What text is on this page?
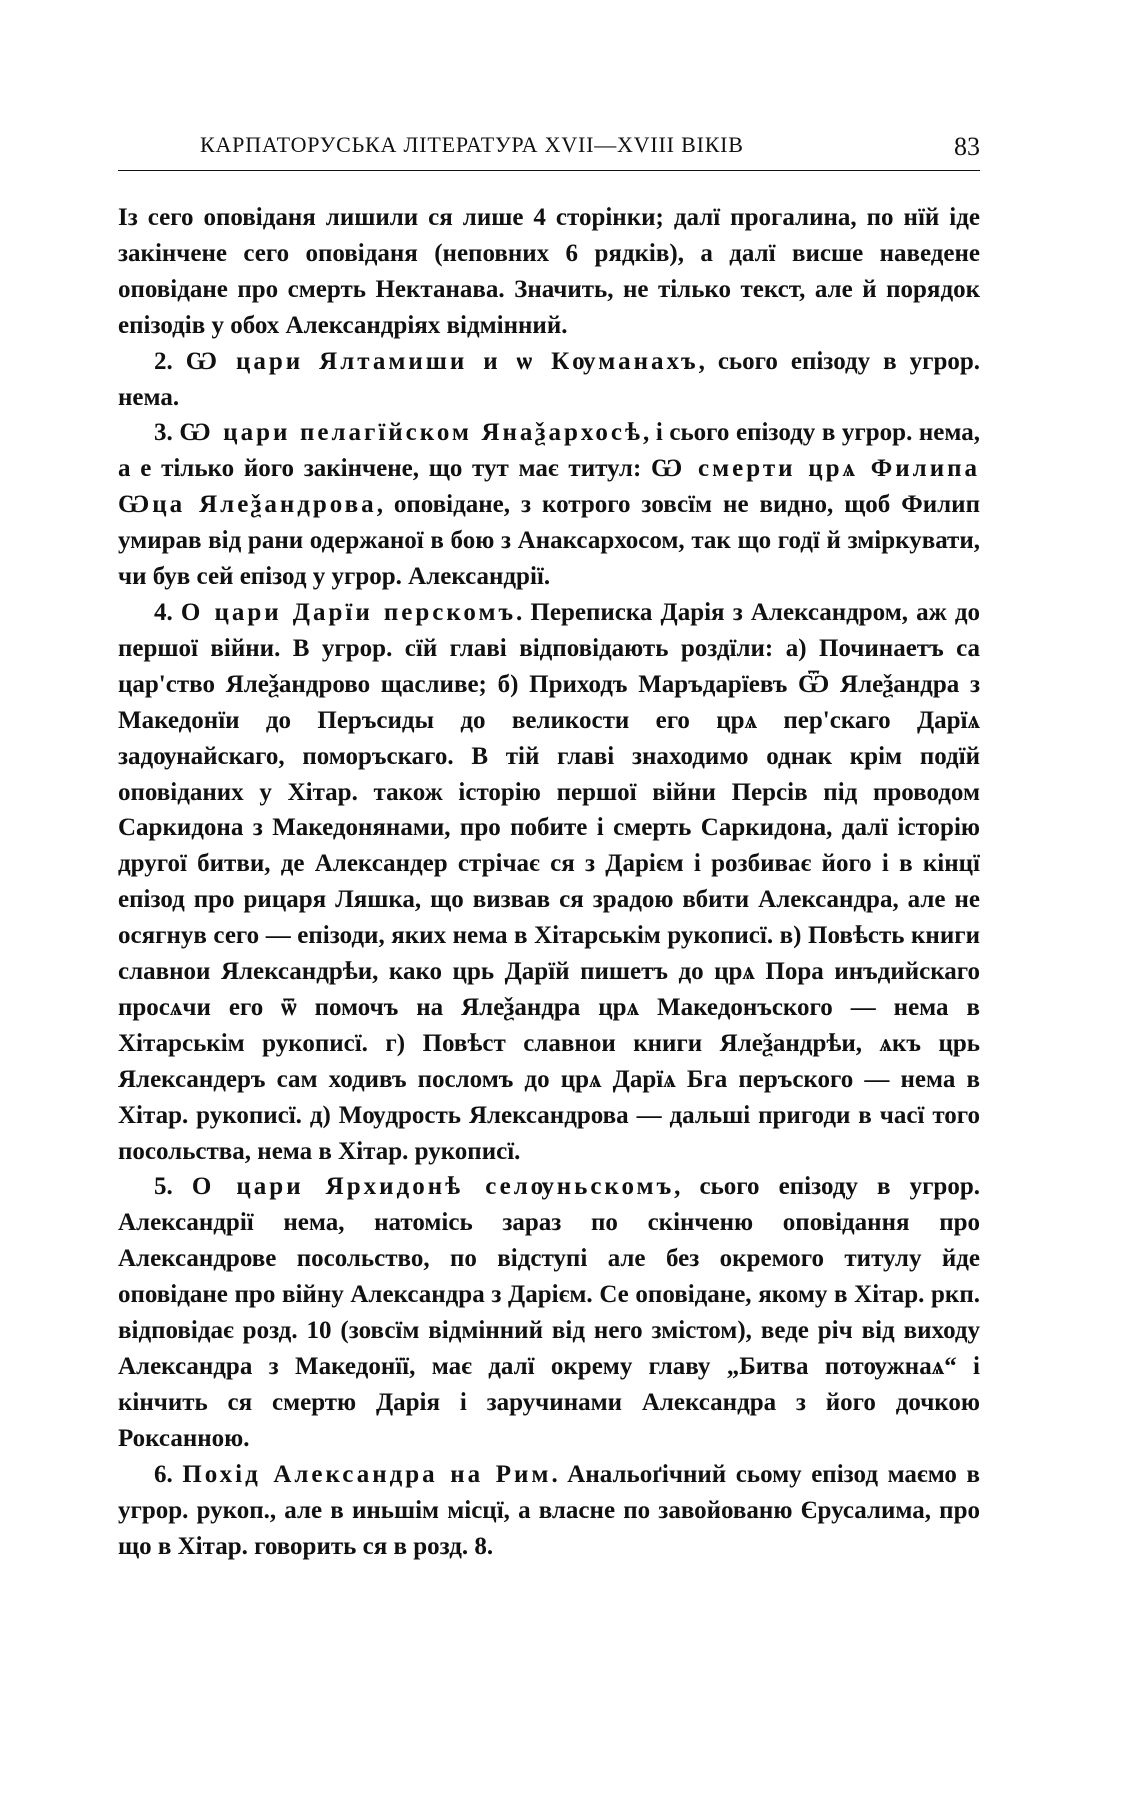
КАРПАТОРУСЬКА ЛІТЕРАТУРА XVII—XVIII ВІКІВ	83

Із сего оповіданя лишили ся лише 4 сторінки; далї прогалина, по нїй іде закінчене сего оповіданя (неповних 6 рядків), а далї висше наведене оповідане про смерть Нектанава. Значить, не тілько текст, але й порядок епізодів у обох Александріях відмінний.

2. Ѡ цари Ялтамиши и ѡ Кѹманахъ, сього епізоду в угрор. нема.

3. Ѡ цари пелагїйском Янаѯархосѣ, і сього епізоду в угрор. нема, а е тілько його закінчене, що тут має титул: Ѡ смерти црѧ Филипа Ѡца Ялеѯандрова, оповідане, з котрого зовсїм не видно, щоб Филип умирав від рани одержаної в бою з Анаксархосом, так що годї й зміркувати, чи був сей епізод у угрор. Александрії.

4. О цари Дарїи перскомъ. Переписка Дарія з Александром, аж до першої війни. В угрор. сїй главі відповідають роздїли: а) Починаетъ са цар'ство Ялеѯандрово щасливе; б) Приходъ Маръдарїевъ Ѿ Ялеѯандра з Македонїи до Перъсиды до великости его црѧ пер'скаго Дарїѧ задѹнайскаго, поморъскаго. В тій главі знаходимо однак крім подїй оповіданих у Хітар. також історію першої війни Персів під проводом Саркидона з Македонянами, про побите і смерть Саркидона, далї історію другої битви, де Александер стрічає ся з Дарієм і розбиває його і в кінцї епізод про рицаря Ляшка, що визвав ся зрадою вбити Александра, але не осягнув сего — епізоди, яких нема в Хітарськім рукописї. в) Повѣсть книги славнои Ялександрѣи, како црь Дарїй пишетъ до црѧ Пора инъдийскаго просѧчи его ѿ помочъ на Ялеѯандра црѧ Македонъского — нема в Хітарськім рукописї. г) Повѣст славнои книги Ялеѯандрѣи, ѧкъ црь Ялександеръ сам ходивъ посломъ до црѧ Дарїѧ Бга перъского — нема в Хітар. рукописї. д) Мѹдрость Ялександрова — дальші пригоди в часї того посольства, нема в Хітар. рукописї.

5. О цари Ярхидонѣ селѹньскомъ, сього епізоду в угрор. Александрії нема, натомісь зараз по скінченю оповідання про Александрове посольство, по відступі але без окремого титулу йде оповідане про війну Александра з Дарієм. Се оповідане, якому в Хітар. ркп. відповідає розд. 10 (зовсїм відмінний від него змістом), веде річ від виходу Александра з Македонїї, має далї окрему главу „Битва потѹжнаѧ“ і кінчить ся смертю Дарія і заручинами Александра з його дочкою Роксанною.

6. Похід Александра на Рим. Анальоґічний сьому епізод маємо в угрор. рукоп., але в иньшім місцї, а власне по завойованю Єрусалима, про що в Хітар. говорить ся в розд. 8.
